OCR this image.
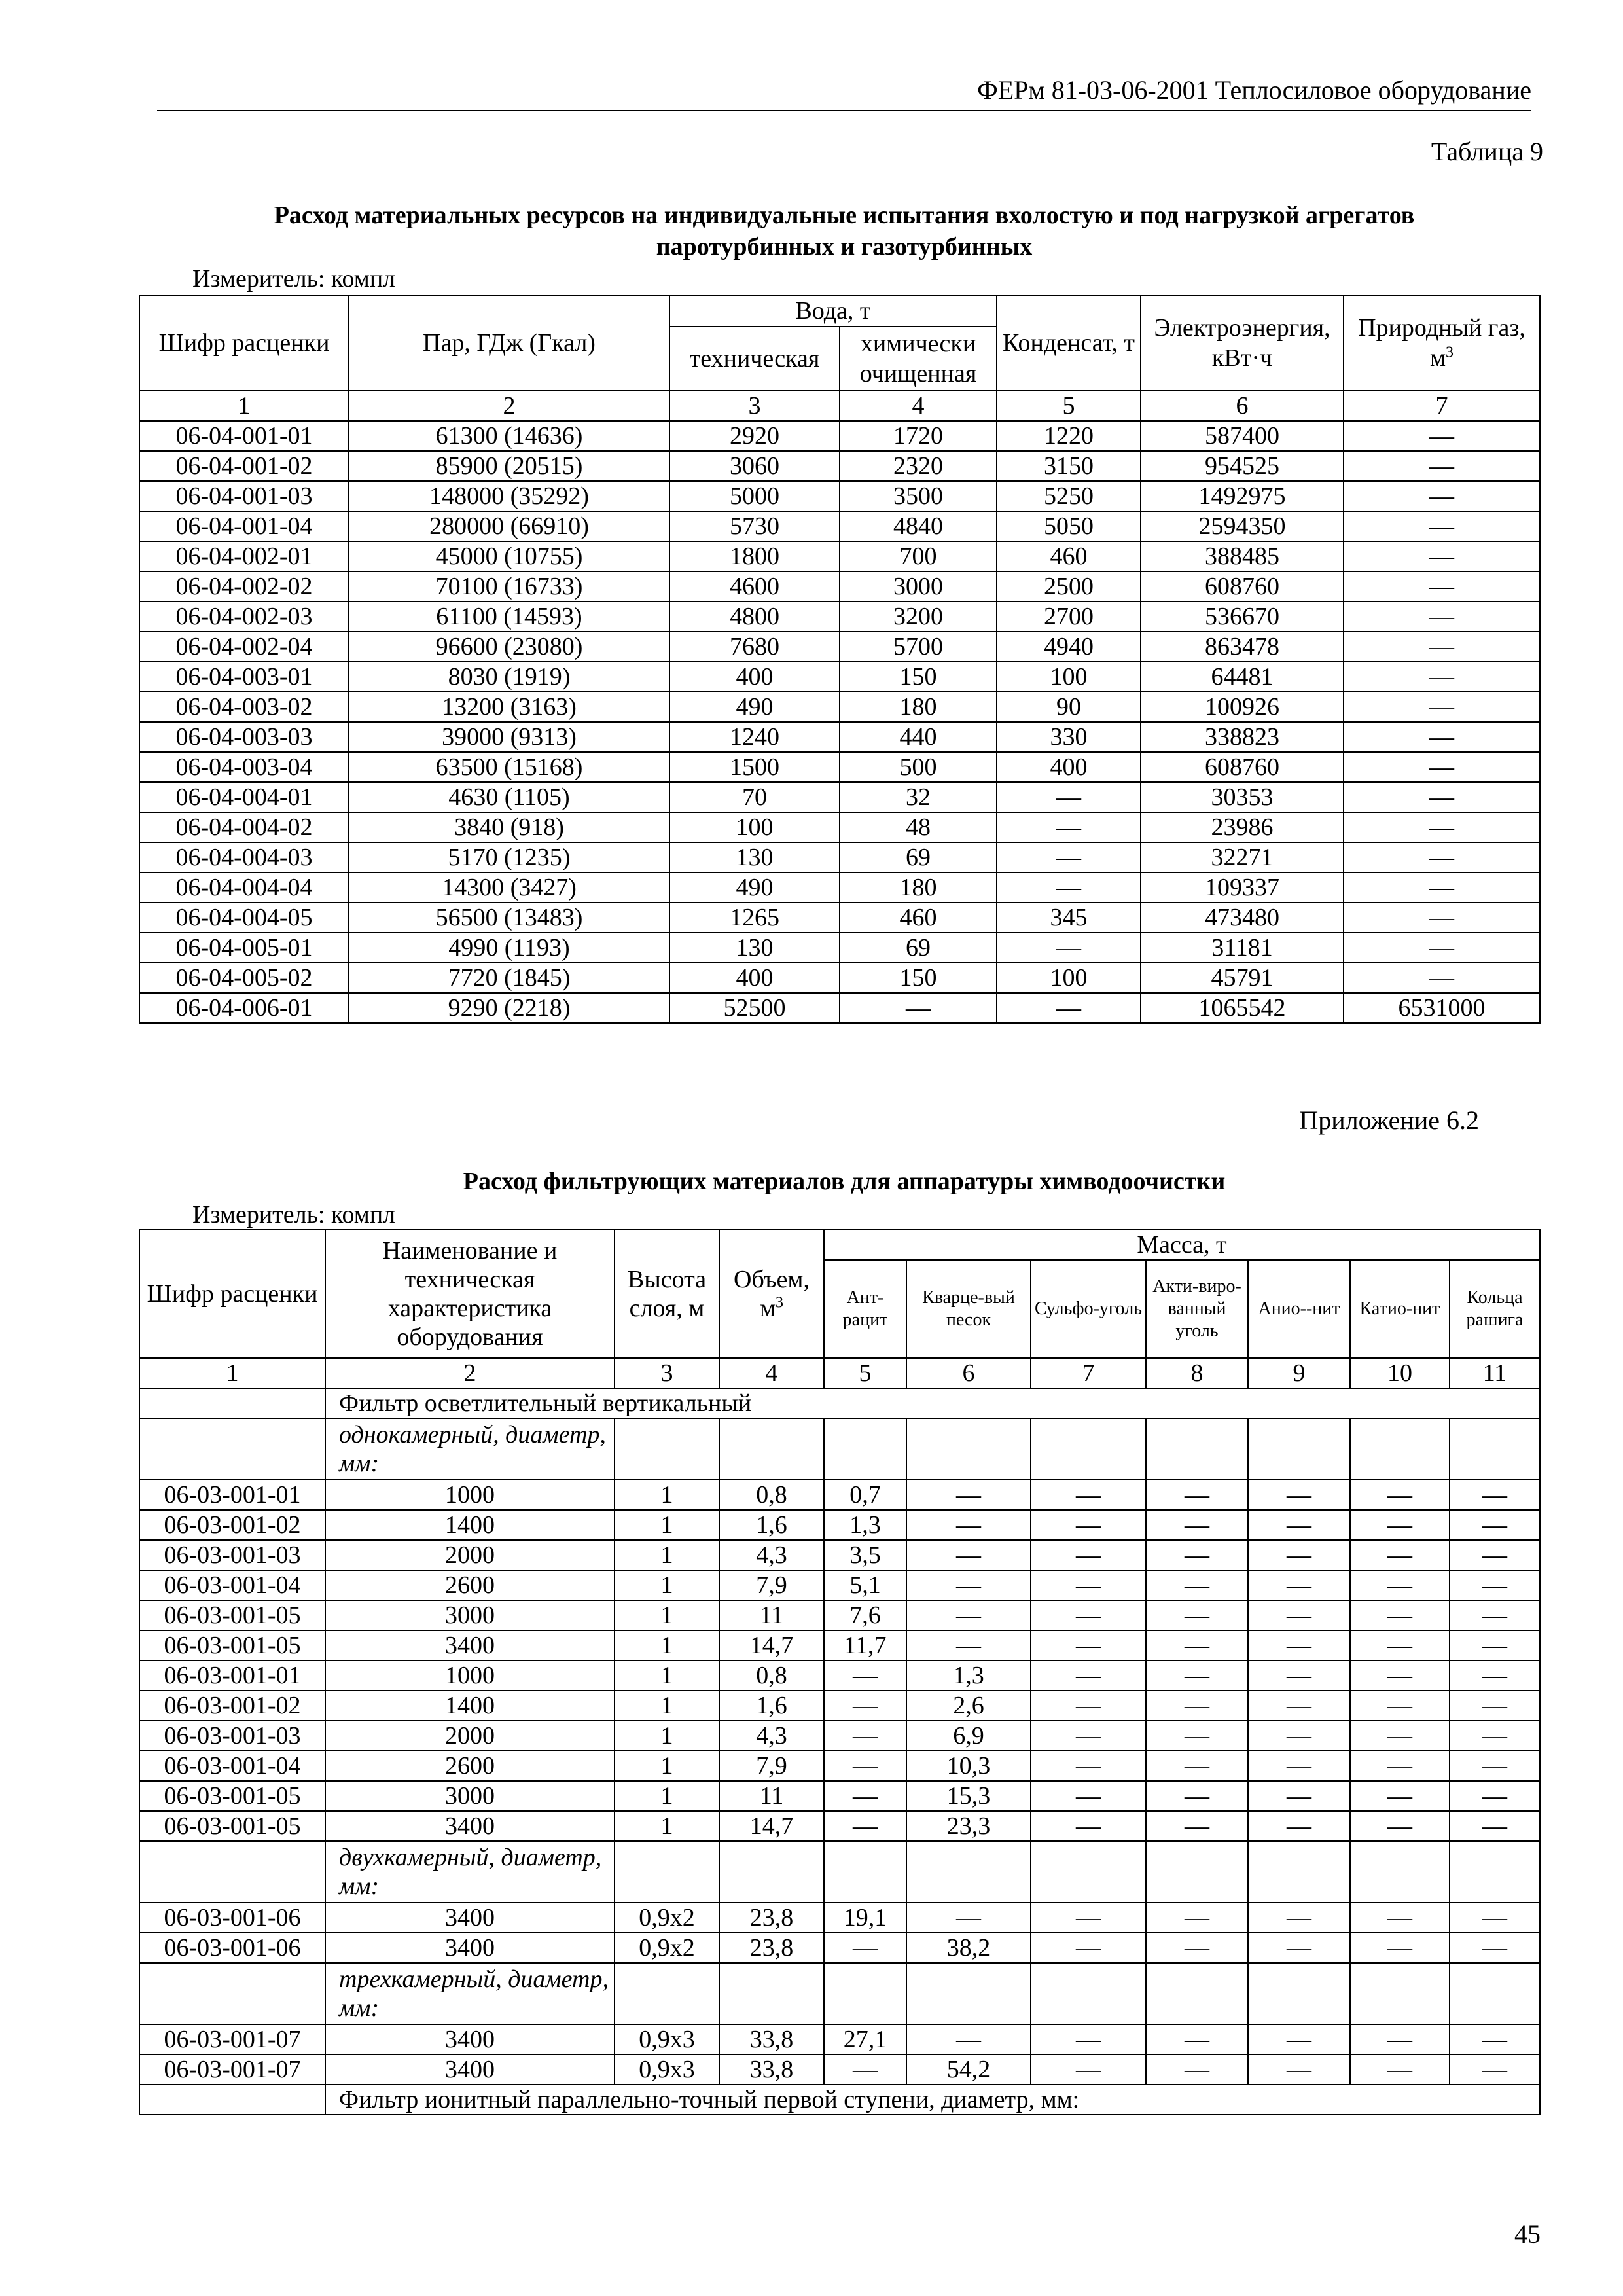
ФЕРм 81-03-06-2001 Теплосиловое оборудование
Таблица 9
Расход материальных ресурсов на индивидуальные испытания вхолостую и под нагрузкой агрегатов
паротурбинных и газотурбинных
Измеритель: компл
Шифр расценки	Пар, ГДж (Гкал)	Вода, т		Конденсат, т	Электроэнергия, кВт·ч	Природный газ, $м^3$
		техническая	химически очищенная			
1	2	3	4	5	6	7
06-04-001-01	61300 (14636)	2920	1720	1220	587400	—
06-04-001-02	85900 (20515)	3060	2320	3150	954525	—
06-04-001-03	148000 (35292)	5000	3500	5250	1492975	—
06-04-001-04	280000 (66910)	5730	4840	5050	2594350	—
06-04-002-01	45000 (10755)	1800	700	460	388485	—
06-04-002-02	70100 (16733)	4600	3000	2500	608760	—
06-04-002-03	61100 (14593)	4800	3200	2700	536670	—
06-04-002-04	96600 (23080)	7680	5700	4940	863478	—
06-04-003-01	8030 (1919)	400	150	100	64481	—
06-04-003-02	13200 (3163)	490	180	90	100926	—
06-04-003-03	39000 (9313)	1240	440	330	338823	—
06-04-003-04	63500 (15168)	1500	500	400	608760	—
06-04-004-01	4630 (1105)	70	32	—	30353	—
06-04-004-02	3840 (918)	100	48	—	23986	—
06-04-004-03	5170 (1235)	130	69	—	32271	—
06-04-004-04	14300 (3427)	490	180	—	109337	—
06-04-004-05	56500 (13483)	1265	460	345	473480	—
06-04-005-01	4990 (1193)	130	69	—	31181	—
06-04-005-02	7720 (1845)	400	150	100	45791	—
06-04-006-01	9290 (2218)	52500	—	—	1065542	6531000
Приложение 6.2
Расход фильтрующих материалов для аппаратуры химводоочистки
Измеритель: компл
Шифр расценки	Наименование и техническая характеристика оборудования	Высота слоя, м	Объем, $м^3$	Масса, т						
				Ант-рацит	Кварце-вый песок	Сульфо-уголь	Акти-виро-ванный уголь	Анио--нит	Катио-нит	Кольца рашига
1	2	3	4	5	6	7	8	9	10	11
	Фильтр осветлительный вертикальный									
	однокамерный, диаметр, мм:									
06-03-001-01	1000	1	0,8	0,7	—	—	—	—	—	—
06-03-001-02	1400	1	1,6	1,3	—	—	—	—	—	—
06-03-001-03	2000	1	4,3	3,5	—	—	—	—	—	—
06-03-001-04	2600	1	7,9	5,1	—	—	—	—	—	—
06-03-001-05	3000	1	11	7,6	—	—	—	—	—	—
06-03-001-05	3400	1	14,7	11,7	—	—	—	—	—	—
06-03-001-01	1000	1	0,8	—	1,3	—	—	—	—	—
06-03-001-02	1400	1	1,6	—	2,6	—	—	—	—	—
06-03-001-03	2000	1	4,3	—	6,9	—	—	—	—	—
06-03-001-04	2600	1	7,9	—	10,3	—	—	—	—	—
06-03-001-05	3000	1	11	—	15,3	—	—	—	—	—
06-03-001-05	3400	1	14,7	—	23,3	—	—	—	—	—
	двухкамерный, диаметр, мм:									
06-03-001-06	3400	0,9x2	23,8	19,1	—	—	—	—	—	—
06-03-001-06	3400	0,9x2	23,8	—	38,2	—	—	—	—	—
	трехкамерный, диаметр, мм:									
06-03-001-07	3400	0,9x3	33,8	27,1	—	—	—	—	—	—
06-03-001-07	3400	0,9x3	33,8	—	54,2	—	—	—	—	—
	Фильтр ионитный параллельно-точный первой ступени, диаметр, мм:									
45
